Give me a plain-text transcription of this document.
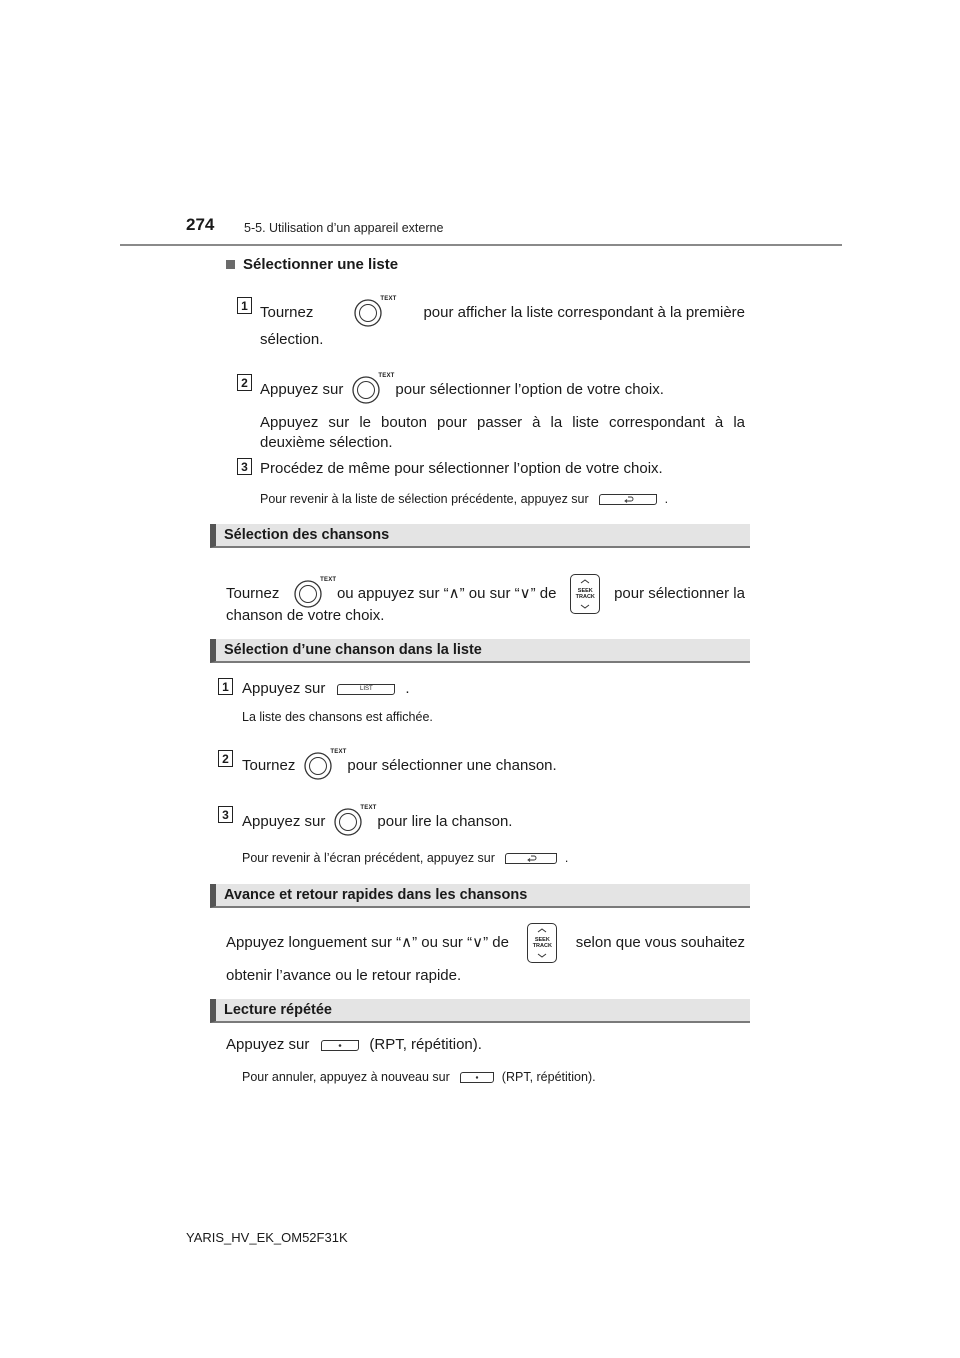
274 5-5. Utilisation d’un appareil externe
Sélectionner une liste
1 Tournez
TEXT
pour afficher la liste correspondant à la première
sélection.
2 Appuyez sur
TEXT
pour sélectionner l’option de votre choix.
Appuyez sur le bouton pour passer à la liste correspondant à la
deuxième sélection.
3 Procédez de même pour sélectionner l’option de votre choix.
Pour revenir à la liste de sélection précédente, appuyez sur	.
Sélection des chansons
Tournez
TEXT
ou appuyez sur “∧” ou sur “∨” de	SEEK
TRACK pour sélectionner la
chanson de votre choix.
Sélection d’une chanson dans la liste
1 Appuyez sur	LIST	.
La liste des chansons est affichée.
2 Tournez
TEXT
pour sélectionner une chanson.
3 Appuyez sur
TEXT
pour lire la chanson.
Pour revenir à l’écran précédent, appuyez sur	.
Avance et retour rapides dans les chansons
Appuyez longuement sur “∧” ou sur “∨” de	SEEK
TRACK selon que vous souhaitez
obtenir l’avance ou le retour rapide.
Lecture répétée
Appuyez sur	(RPT, répétition).
Pour annuler, appuyez à nouveau sur	(RPT, répétition).
YARIS_HV_EK_OM52F31K
